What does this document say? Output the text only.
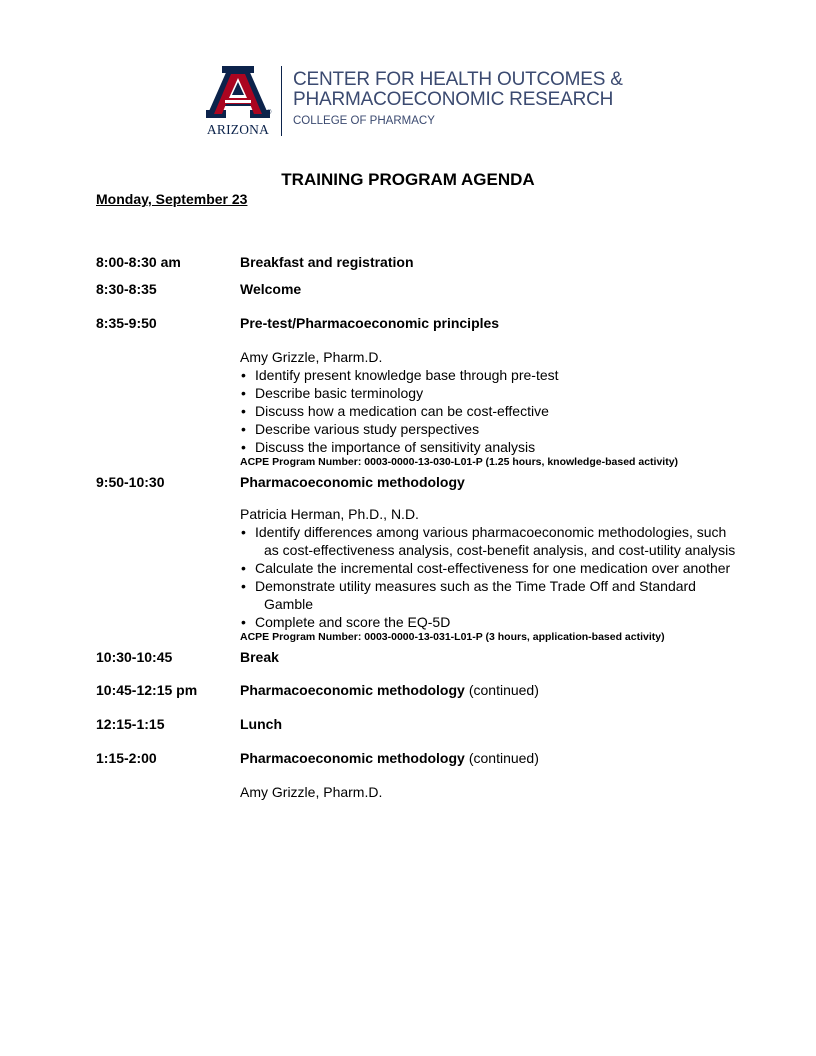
®
ARIZONA
CENTER FOR HEALTH OUTCOMES &
PHARMACOECONOMIC RESEARCH
COLLEGE OF PHARMACY
TRAINING PROGRAM AGENDA
Monday, September 23
8:00-8:30 am	Breakfast and registration
8:30-8:35	Welcome
8:35-9:50	Pre-test/Pharmacoeconomic principles
Amy Grizzle, Pharm.D.
• Identify present knowledge base through pre-test
• Describe basic terminology
• Discuss how a medication can be cost-effective
• Describe various study perspectives
• Discuss the importance of sensitivity analysis
ACPE Program Number: 0003-0000-13-030-L01-P (1.25 hours, knowledge-based activity)
9:50-10:30	Pharmacoeconomic methodology
Patricia Herman, Ph.D., N.D.
• Identify differences among various pharmacoeconomic methodologies, such as cost-effectiveness analysis, cost-benefit analysis, and cost-utility analysis
• Calculate the incremental cost-effectiveness for one medication over another
• Demonstrate utility measures such as the Time Trade Off and Standard Gamble
• Complete and score the EQ-5D
ACPE Program Number: 0003-0000-13-031-L01-P (3 hours, application-based activity)
10:30-10:45	Break
10:45-12:15 pm	Pharmacoeconomic methodology (continued)
12:15-1:15	Lunch
1:15-2:00	Pharmacoeconomic methodology (continued)
Amy Grizzle, Pharm.D.
